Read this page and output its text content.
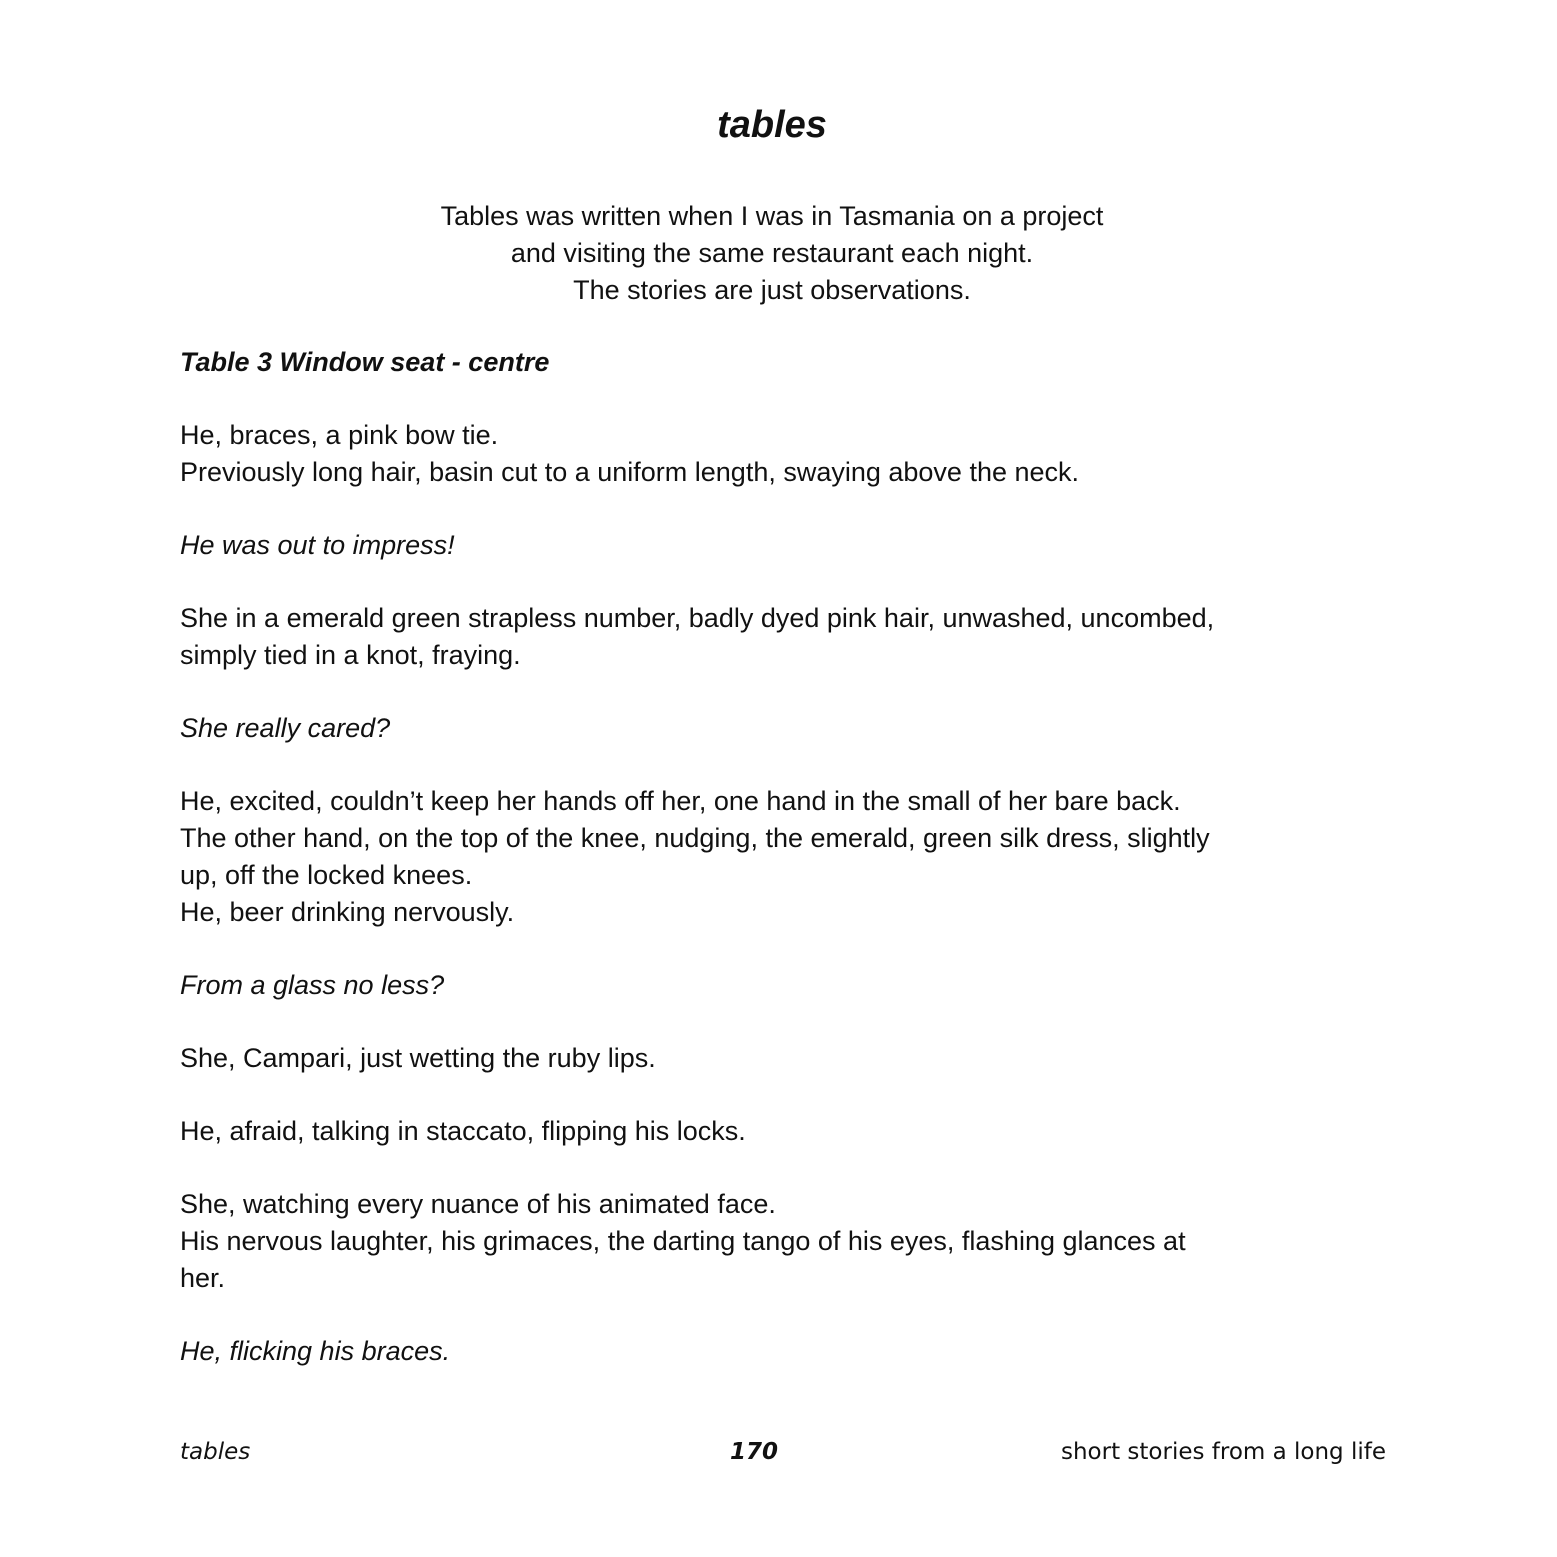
tables
Tables was written when I was in Tasmania on a project
and visiting the same restaurant each night.
The stories are just observations.
Table 3 Window seat - centre
He, braces, a pink bow tie.
Previously long hair, basin cut to a uniform length, swaying above the neck.
He was out to impress!
She in a emerald green strapless number, badly dyed pink hair, unwashed, uncombed,
simply tied in a knot, fraying.
She really cared?
He, excited, couldn’t keep her hands off her, one hand in the small of her bare back.
The other hand, on the top of the knee, nudging, the emerald, green silk dress, slightly
up, off the locked knees.
He, beer drinking nervously.
From a glass no less?
She, Campari, just wetting the ruby lips.
He, afraid, talking in staccato, flipping his locks.
She, watching every nuance of his animated face.
His nervous laughter, his grimaces, the darting tango of his eyes, flashing glances at
her.
He, flicking his braces.
tables	170	short stories from a long life
